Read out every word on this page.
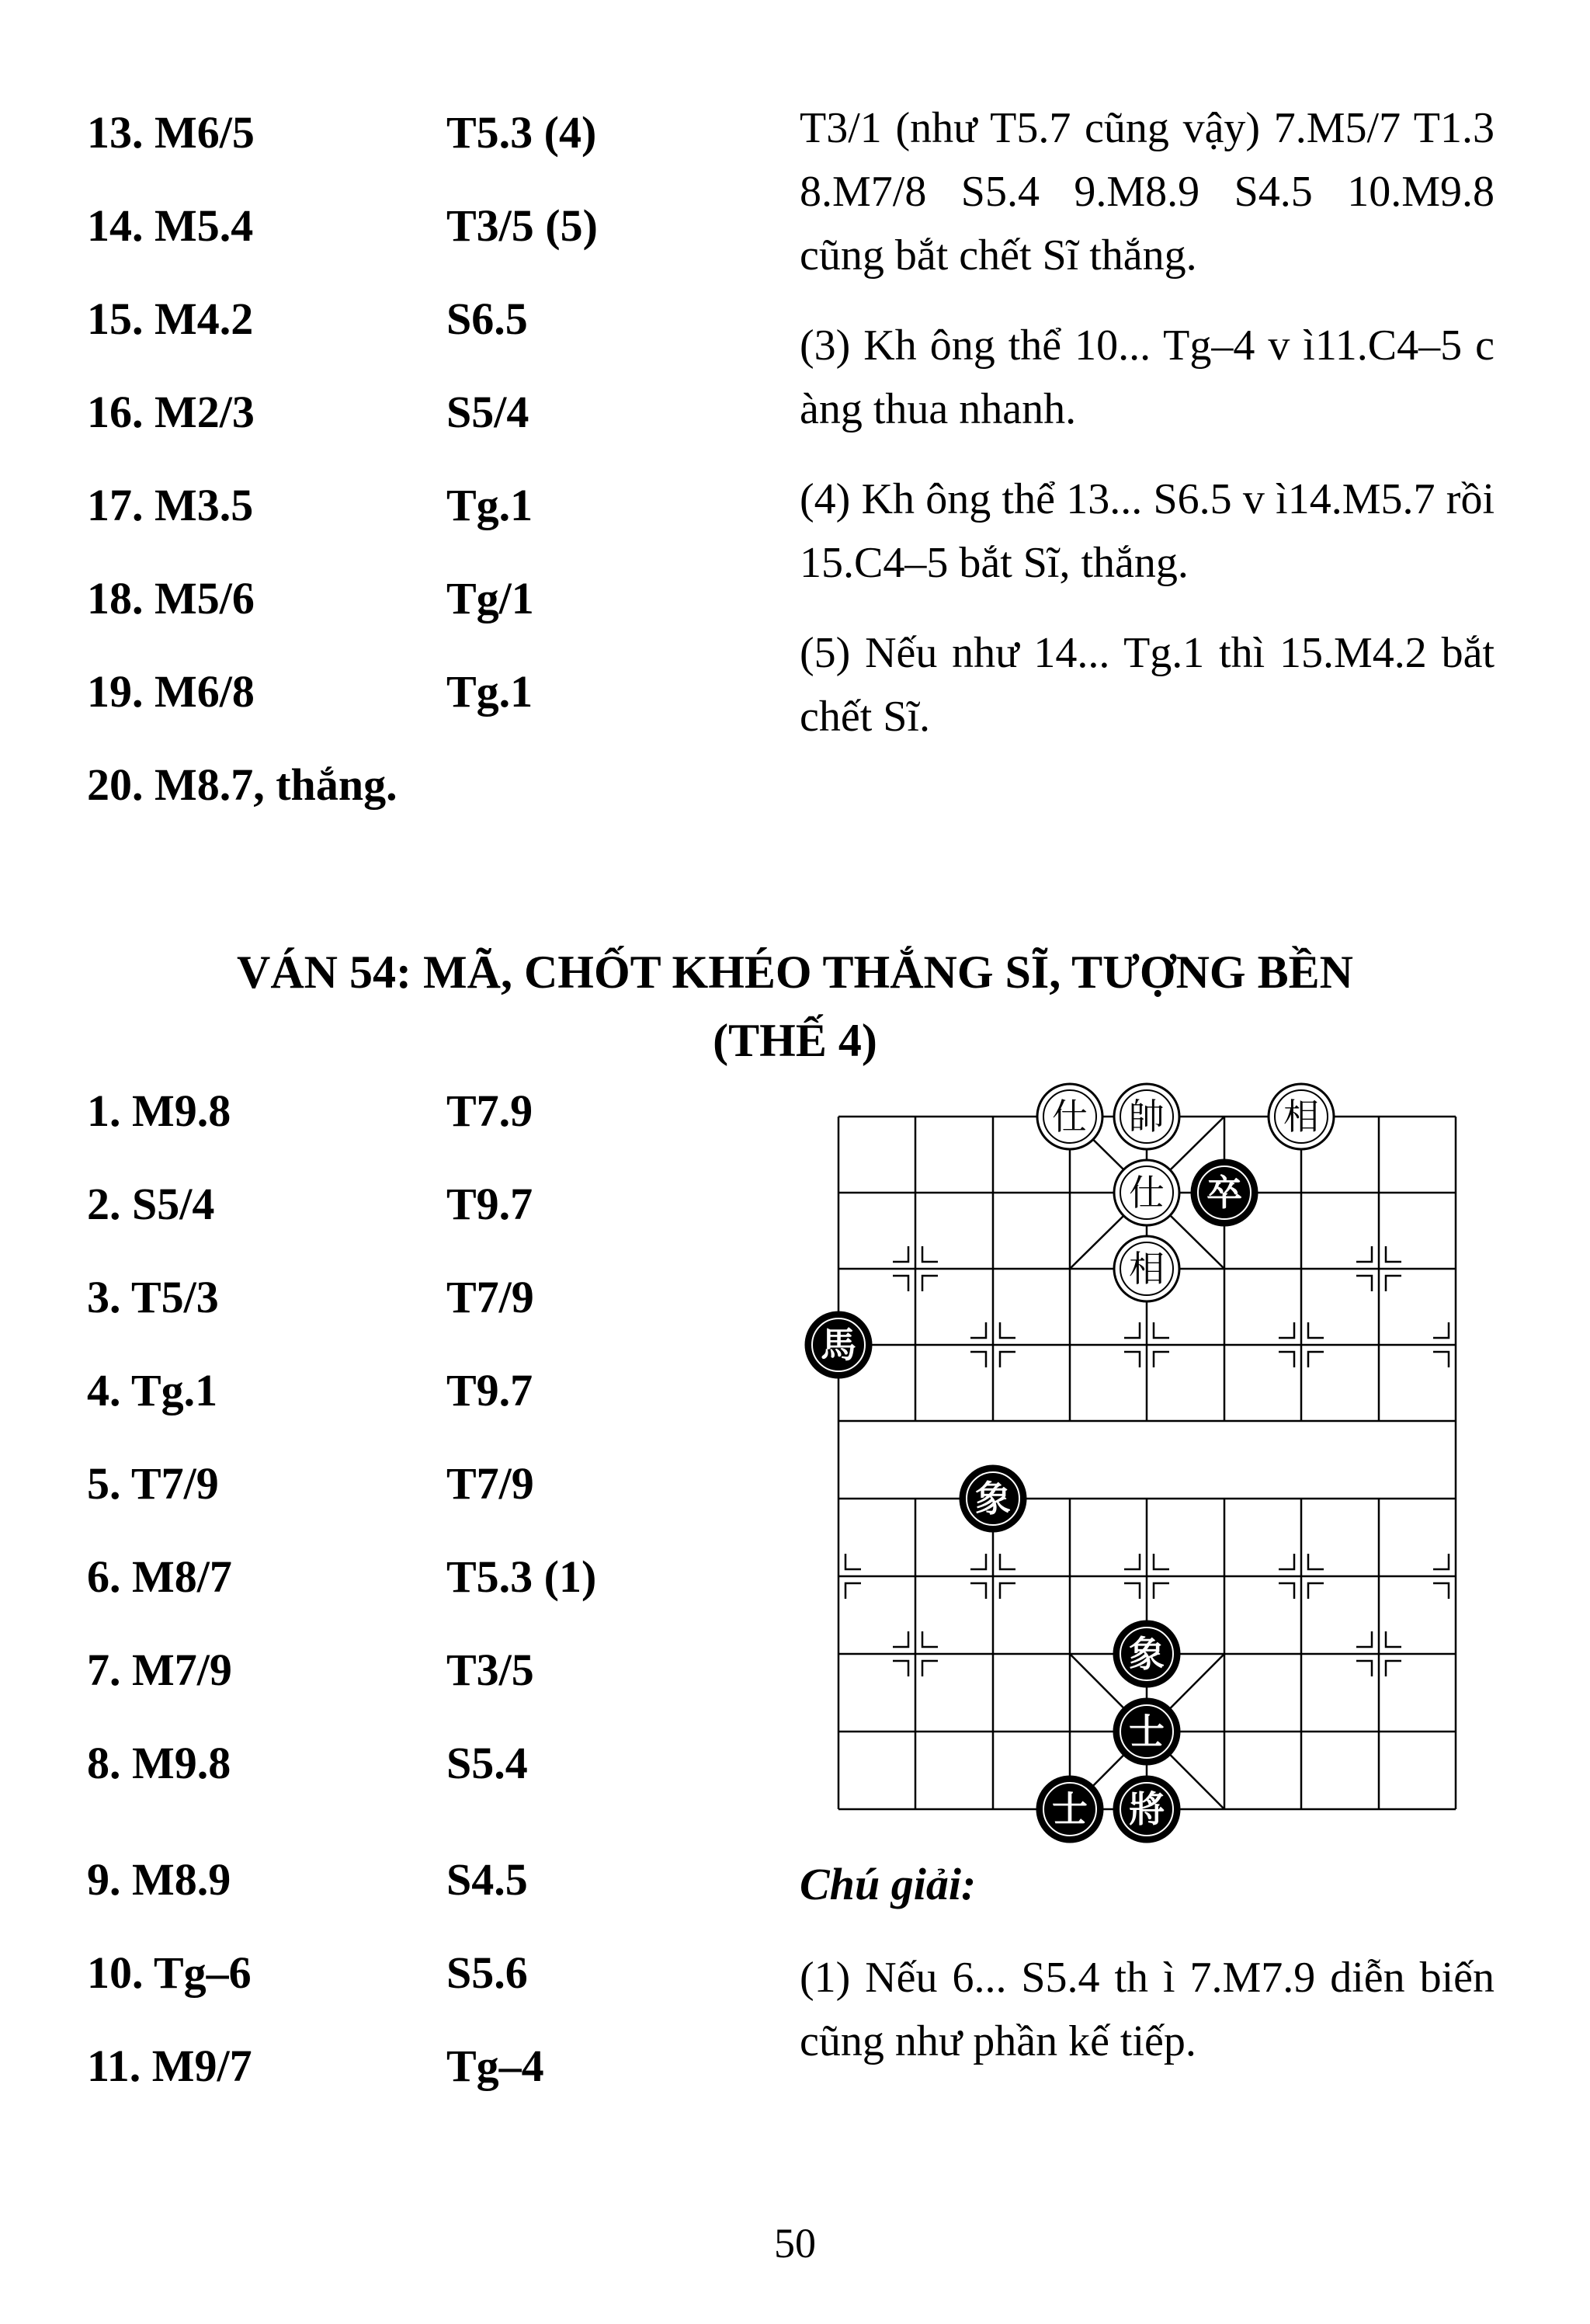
13. M6/5	T5.3 (4)
14. M5.4	T3/5 (5)
15. M4.2	S6.5
16. M2/3	S5/4
17. M3.5	Tg.1
18. M5/6	Tg/1
19. M6/8	Tg.1
20. M8.7, thắng.
T3/1 (như T5.7 cũng vậy) 7.M5/7 T1.3 8.M7/8 S5.4 9.M8.9 S4.5 10.M9.8 cũng bắt chết Sĩ thắng.
(3) Kh ông thể 10... Tg–4 v ì11.C4–5 c àng thua nhanh.
(4) Kh ông thể 13... S6.5 v ì14.M5.7 rồi 15.C4–5 bắt Sĩ, thắng.
(5) Nếu như 14... Tg.1 thì 15.M4.2 bắt chết Sĩ.
VÁN 54: MÃ, CHỐT KHÉO THẮNG SĨ, TƯỢNG BỀN
(THẾ 4)
1. M9.8	T7.9
2. S5/4	T9.7
3. T5/3	T7/9
4. Tg.1	T9.7
5. T7/9	T7/9
6. M8/7	T5.3 (1)
7. M7/9	T3/5
8. M9.8	S5.4
9. M8.9	S4.5
10. Tg–6	S5.6
11. M9/7	Tg–4
仕 帥	相
仕 卒
相
馬
象
象
士
士 將
Chú giải:
(1) Nếu 6... S5.4 th ì 7.M7.9 diễn biến cũng như phần kế tiếp.
50
